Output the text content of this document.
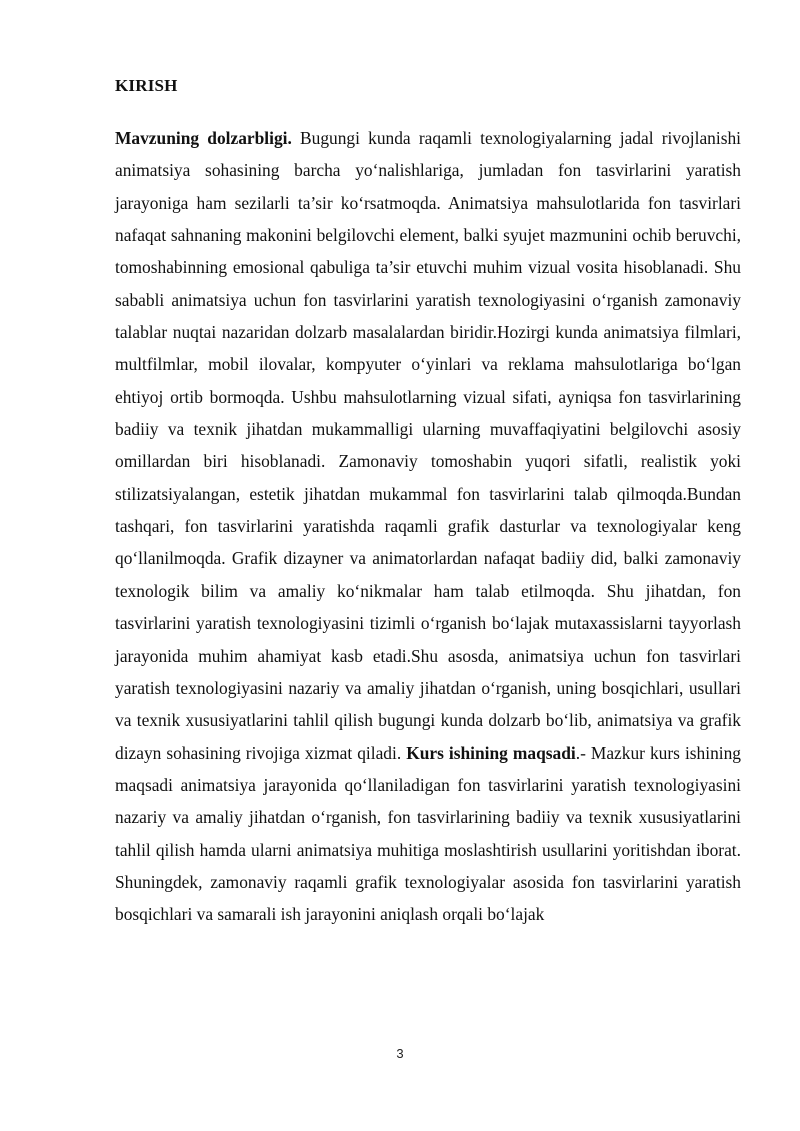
KIRISH

Mavzuning dolzarbligi. Bugungi kunda raqamli texnologiyalarning jadal rivojlanishi animatsiya sohasining barcha yo‘nalishlariga, jumladan fon tasvirlarini yaratish jarayoniga ham sezilarli ta’sir ko‘rsatmoqda. Animatsiya mahsulotlarida fon tasvirlari nafaqat sahnaning makonini belgilovchi element, balki syujet mazmunini ochib beruvchi, tomoshabinning emosional qabuliga ta’sir etuvchi muhim vizual vosita hisoblanadi. Shu sababli animatsiya uchun fon tasvirlarini yaratish texnologiyasini o‘rganish zamonaviy talablar nuqtai nazaridan dolzarb masalalardan biridir.Hozirgi kunda animatsiya filmlari, multfilmlar, mobil ilovalar, kompyuter o‘yinlari va reklama mahsulotlariga bo‘lgan ehtiyoj ortib bormoqda. Ushbu mahsulotlarning vizual sifati, ayniqsa fon tasvirlarining badiiy va texnik jihatdan mukammalligi ularning muvaffaqiyatini belgilovchi asosiy omillardan biri hisoblanadi. Zamonaviy tomoshabin yuqori sifatli, realistik yoki stilizatsiyalangan, estetik jihatdan mukammal fon tasvirlarini talab qilmoqda.Bundan tashqari, fon tasvirlarini yaratishda raqamli grafik dasturlar va texnologiyalar keng qo‘llanilmoqda. Grafik dizayner va animatorlardan nafaqat badiiy did, balki zamonaviy texnologik bilim va amaliy ko‘nikmalar ham talab etilmoqda. Shu jihatdan, fon tasvirlarini yaratish texnologiyasini tizimli o‘rganish bo‘lajak mutaxassislarni tayyorlash jarayonida muhim ahamiyat kasb etadi.Shu asosda, animatsiya uchun fon tasvirlari yaratish texnologiyasini nazariy va amaliy jihatdan o‘rganish, uning bosqichlari, usullari va texnik xususiyatlarini tahlil qilish bugungi kunda dolzarb bo‘lib, animatsiya va grafik dizayn sohasining rivojiga xizmat qiladi. Kurs ishining maqsadi.- Mazkur kurs ishining maqsadi animatsiya jarayonida qo‘llaniladigan fon tasvirlarini yaratish texnologiyasini nazariy va amaliy jihatdan o‘rganish, fon tasvirlarining badiiy va texnik xususiyatlarini tahlil qilish hamda ularni animatsiya muhitiga moslashtirish usullarini yoritishdan iborat. Shuningdek, zamonaviy raqamli grafik texnologiyalar asosida fon tasvirlarini yaratish bosqichlari va samarali ish jarayonini aniqlash orqali bo‘lajak

3
